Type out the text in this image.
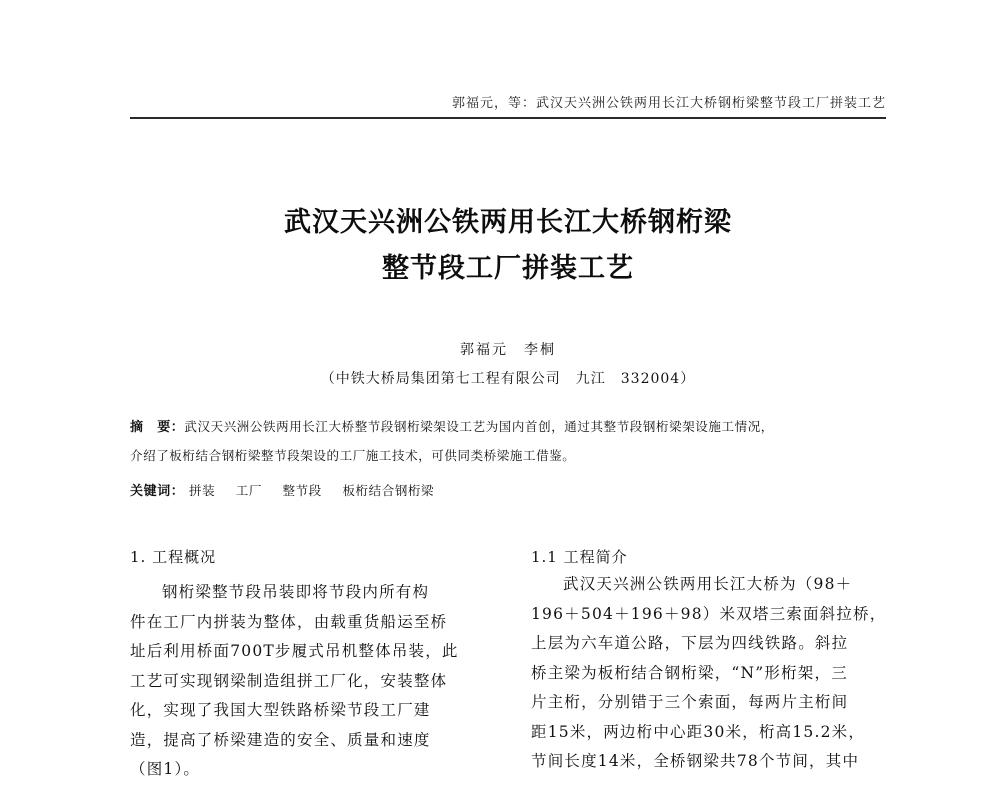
郭福元，等：武汉天兴洲公铁两用长江大桥钢桁梁整节段工厂拼装工艺
武汉天兴洲公铁两用长江大桥钢桁梁
整节段工厂拼装工艺
郭福元　李桐
（中铁大桥局集团第七工程有限公司　九江　332004）
摘　要：武汉天兴洲公铁两用长江大桥整节段钢桁梁架设工艺为国内首创，通过其整节段钢桁梁架设施工情况，
介绍了板桁结合钢桁梁整节段架设的工厂施工技术，可供同类桥梁施工借鉴。
关键词： 拼装 工厂 整节段 板桁结合钢桁梁
1. 工程概况
钢桁梁整节段吊装即将节段内所有构
件在工厂内拼装为整体，由载重货船运至桥
址后利用桥面700T步履式吊机整体吊装，此
工艺可实现钢梁制造组拼工厂化，安装整体
化，实现了我国大型铁路桥梁节段工厂建
造，提高了桥梁建造的安全、质量和速度
（图1）。
1.1 工程简介
武汉天兴洲公铁两用长江大桥为（98＋
196＋504＋196＋98）米双塔三索面斜拉桥，
上层为六车道公路，下层为四线铁路。斜拉
桥主梁为板桁结合钢桁梁，“N”形桁架，三
片主桁，分别错于三个索面，每两片主桁间
距15米，两边桁中心距30米，桁高15.2米，
节间长度14米，全桥钢梁共78个节间，其中
